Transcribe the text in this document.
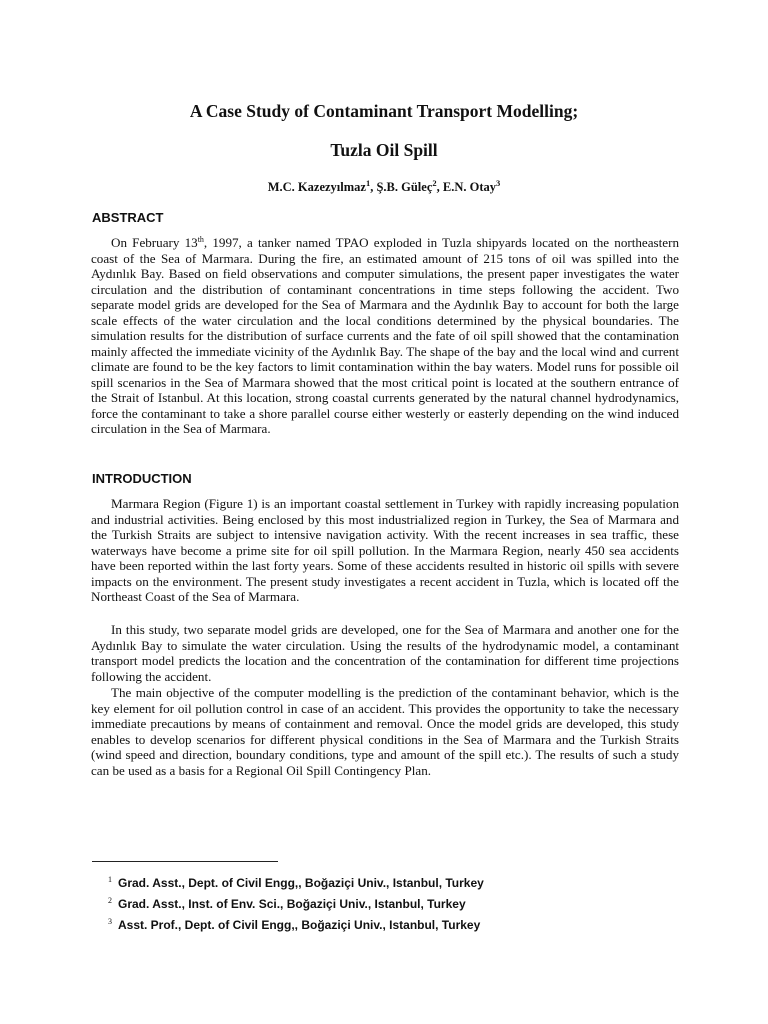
A Case Study of Contaminant Transport Modelling;
Tuzla Oil Spill
M.C. Kazezyılmaz$^1$, Ş.B. Güleç$^2$, E.N. Otay$^3$
ABSTRACT

On February 13th, 1997, a tanker named TPAO exploded in Tuzla shipyards located on the northeastern coast of the Sea of Marmara. During the fire, an estimated amount of 215 tons of oil was spilled into the Aydınlık Bay. Based on field observations and computer simulations, the present paper investigates the water circulation and the distribution of contaminant concentrations in time steps following the accident. Two separate model grids are developed for the Sea of Marmara and the Aydınlık Bay to account for both the large scale effects of the water circulation and the local conditions determined by the physical boundaries. The simulation results for the distribution of surface currents and the fate of oil spill showed that the contamination mainly affected the immediate vicinity of the Aydınlık Bay. The shape of the bay and the local wind and current climate are found to be the key factors to limit contamination within the bay waters. Model runs for possible oil spill scenarios in the Sea of Marmara showed that the most critical point is located at the southern entrance of the Strait of Istanbul. At this location, strong coastal currents generated by the natural channel hydrodynamics, force the contaminant to take a shore parallel course either westerly or easterly depending on the wind induced circulation in the Sea of Marmara.

INTRODUCTION

Marmara Region (Figure 1) is an important coastal settlement in Turkey with rapidly increasing population and industrial activities. Being enclosed by this most industrialized region in Turkey, the Sea of Marmara and the Turkish Straits are subject to intensive navigation activity. With the recent increases in sea traffic, these waterways have become a prime site for oil spill pollution. In the Marmara Region, nearly 450 sea accidents have been reported within the last forty years. Some of these accidents resulted in historic oil spills with severe impacts on the environment. The present study investigates a recent accident in Tuzla, which is located off the Northeast Coast of the Sea of Marmara.

In this study, two separate model grids are developed, one for the Sea of Marmara and another one for the Aydınlık Bay to simulate the water circulation. Using the results of the hydrodynamic model, a contaminant transport model predicts the location and the concentration of the contamination for different time projections following the accident.

The main objective of the computer modelling is the prediction of the contaminant behavior, which is the key element for oil pollution control in case of an accident. This provides the opportunity to take the necessary immediate precautions by means of containment and removal. Once the model grids are developed, this study enables to develop scenarios for different physical conditions in the Sea of Marmara and the Turkish Straits (wind speed and direction, boundary conditions, type and amount of the spill etc.). The results of such a study can be used as a basis for a Regional Oil Spill Contingency Plan.

1 Grad. Asst., Dept. of Civil Engg,, Boğaziçi Univ., Istanbul, Turkey
2 Grad. Asst., Inst. of Env. Sci., Boğaziçi Univ., Istanbul, Turkey
3 Asst. Prof., Dept. of Civil Engg,, Boğaziçi Univ., Istanbul, Turkey
